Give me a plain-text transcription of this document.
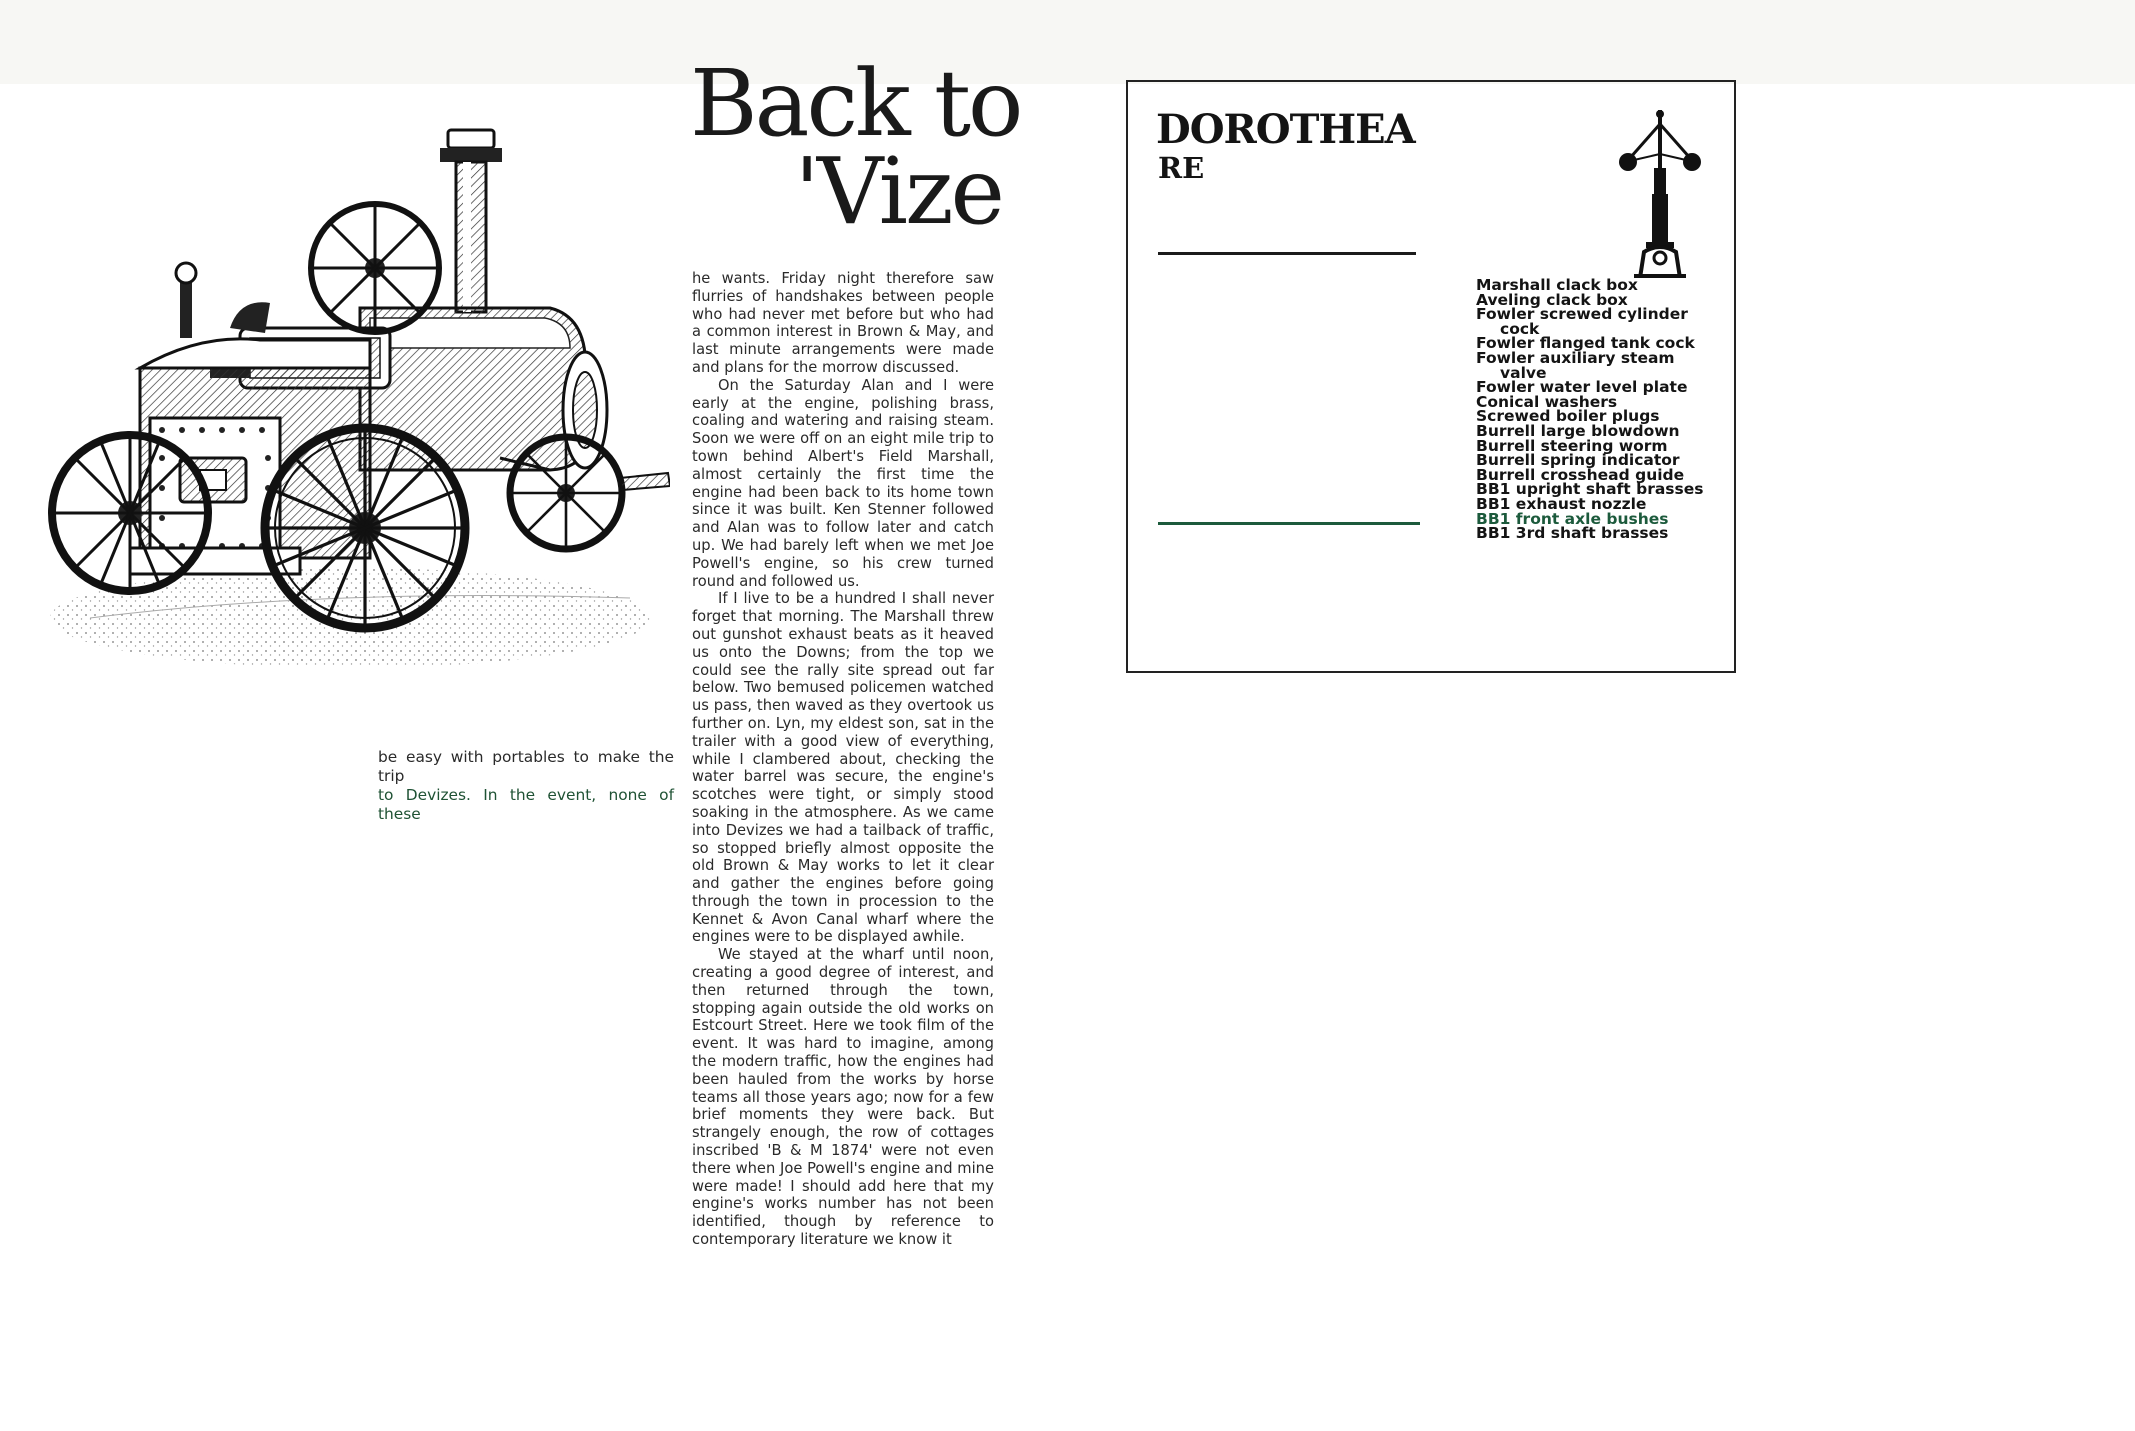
Back to
'Vize
be easy with portables to make the trip
to Devizes. In the event, none of these

he wants. Friday night therefore saw flurries of handshakes between people who had never met before but who had a common interest in Brown & May, and last minute arrangements were made and plans for the morrow discussed.

On the Saturday Alan and I were early at the engine, polishing brass, coaling and watering and raising steam. Soon we were off on an eight mile trip to town behind Albert's Field Marshall, almost certainly the first time the engine had been back to its home town since it was built. Ken Stenner followed and Alan was to follow later and catch up. We had barely left when we met Joe Powell's engine, so his crew turned round and followed us.

If I live to be a hundred I shall never forget that morning. The Marshall threw out gunshot exhaust beats as it heaved us onto the Downs; from the top we could see the rally site spread out far below. Two bemused policemen watched us pass, then waved as they overtook us further on. Lyn, my eldest son, sat in the trailer with a good view of everything, while I clambered about, checking the water barrel was secure, the engine's scotches were tight, or simply stood soaking in the atmosphere. As we came into Devizes we had a tailback of traffic, so stopped briefly almost opposite the old Brown & May works to let it clear and gather the engines before going through the town in procession to the Kennet & Avon Canal wharf where the engines were to be displayed awhile.

We stayed at the wharf until noon, creating a good degree of interest, and then returned through the town, stopping again outside the old works on Estcourt Street. Here we took film of the event. It was hard to imagine, among the modern traffic, how the engines had been hauled from the works by horse teams all those years ago; now for a few brief moments they were back. But strangely enough, the row of cottages inscribed 'B & M 1874' were not even there when Joe Powell's engine and mine were made! I should add here that my engine's works number has not been identified, though by reference to contemporary literature we know it

DOROTHEA
RE
Marshall clack box
Aveling clack box
Fowler screwed cylinder
cock
Fowler flanged tank cock
Fowler auxiliary steam
valve
Fowler water level plate
Conical washers
Screwed boiler plugs
Burrell large blowdown
Burrell steering worm
Burrell spring indicator
Burrell crosshead guide
BB1 upright shaft brasses
BB1 exhaust nozzle
BB1 front axle bushes
BB1 3rd shaft brasses
